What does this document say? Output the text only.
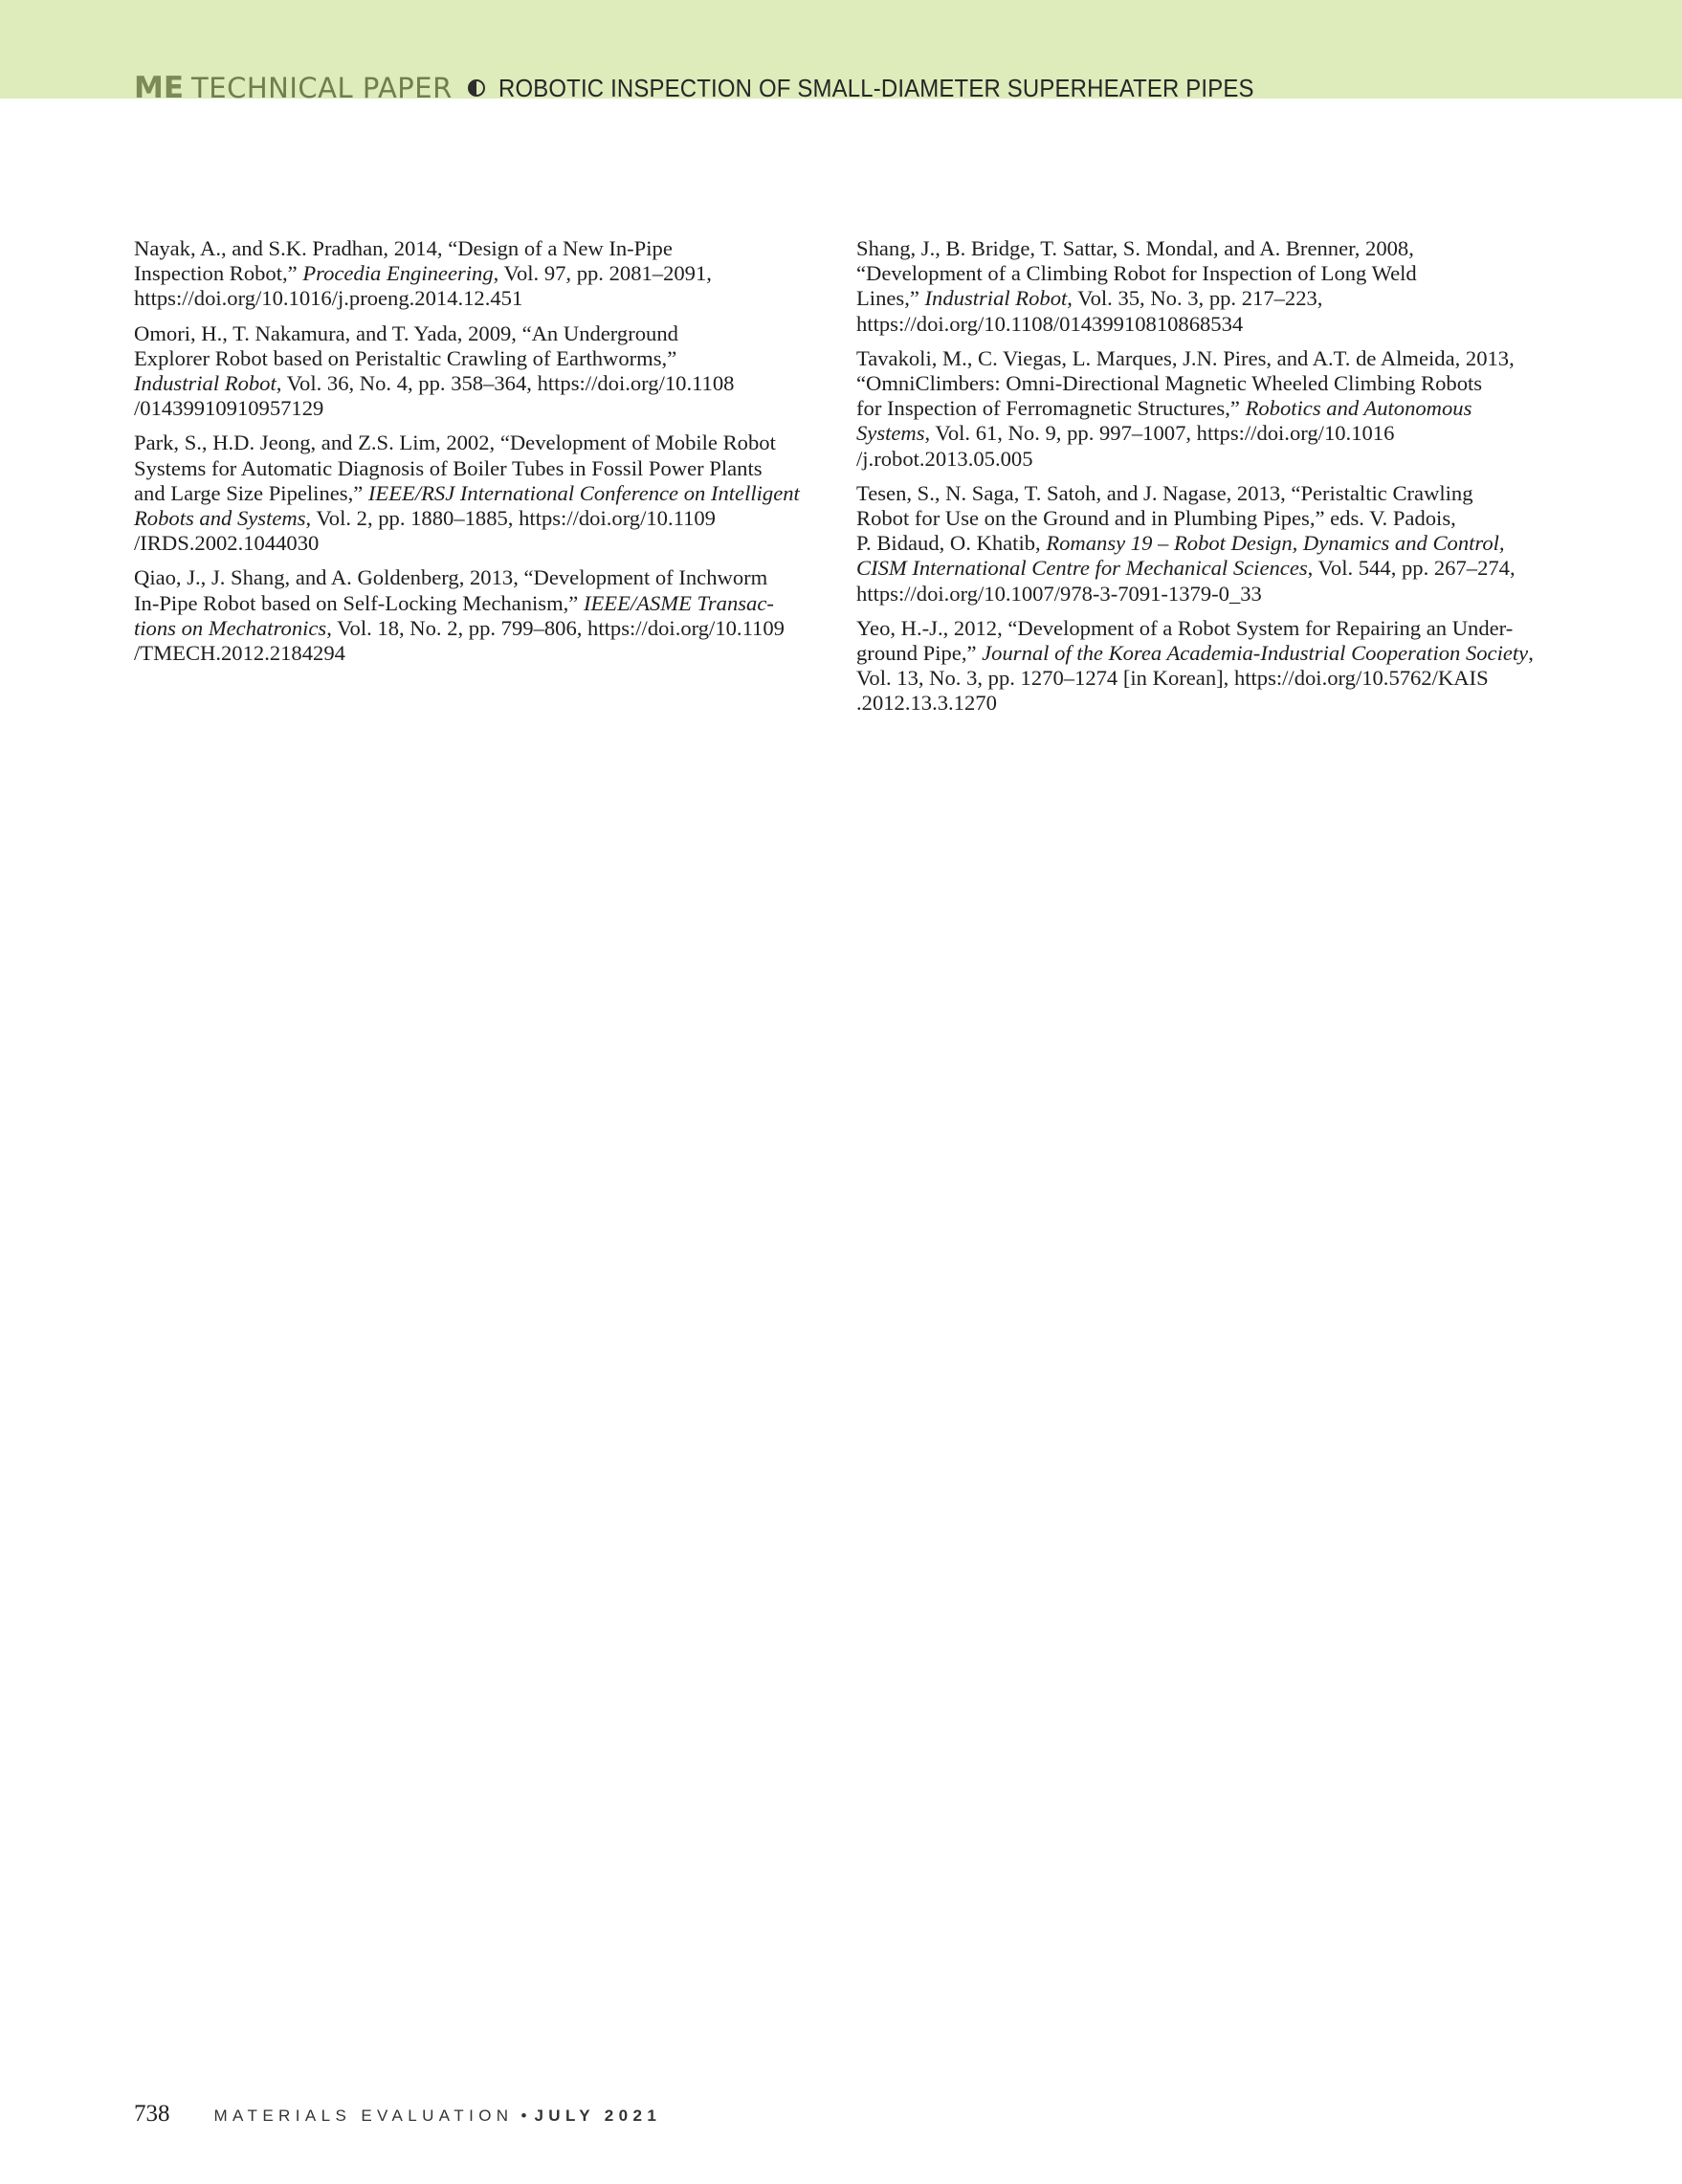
ME TECHNICAL PAPER ROBOTIC INSPECTION OF SMALL-DIAMETER SUPERHEATER PIPES
Nayak, A., and S.K. Pradhan, 2014, “Design of a New In-Pipe
Inspection Robot,” Procedia Engineering, Vol. 97, pp. 2081–2091,
https://doi.org/10.1016/j.proeng.2014.12.451
Omori, H., T. Nakamura, and T. Yada, 2009, “An Underground
Explorer Robot based on Peristaltic Crawling of Earthworms,”
Industrial Robot, Vol. 36, No. 4, pp. 358–364, https://doi.org/10.1108
/01439910910957129
Park, S., H.D. Jeong, and Z.S. Lim, 2002, “Development of Mobile Robot
Systems for Automatic Diagnosis of Boiler Tubes in Fossil Power Plants
and Large Size Pipelines,” IEEE/RSJ International Conference on Intelligent
Robots and Systems, Vol. 2, pp. 1880–1885, https://doi.org/10.1109
/IRDS.2002.1044030
Qiao, J., J. Shang, and A. Goldenberg, 2013, “Development of Inchworm
In-Pipe Robot based on Self-Locking Mechanism,” IEEE/ASME Transac-
tions on Mechatronics, Vol. 18, No. 2, pp. 799–806, https://doi.org/10.1109
/TMECH.2012.2184294
Shang, J., B. Bridge, T. Sattar, S. Mondal, and A. Brenner, 2008,
“Development of a Climbing Robot for Inspection of Long Weld
Lines,” Industrial Robot, Vol. 35, No. 3, pp. 217–223,
https://doi.org/10.1108/01439910810868534
Tavakoli, M., C. Viegas, L. Marques, J.N. Pires, and A.T. de Almeida, 2013,
“OmniClimbers: Omni-Directional Magnetic Wheeled Climbing Robots
for Inspection of Ferromagnetic Structures,” Robotics and Autonomous
Systems, Vol. 61, No. 9, pp. 997–1007, https://doi.org/10.1016
/j.robot.2013.05.005
Tesen, S., N. Saga, T. Satoh, and J. Nagase, 2013, “Peristaltic Crawling
Robot for Use on the Ground and in Plumbing Pipes,” eds. V. Padois,
P. Bidaud, O. Khatib, Romansy 19 – Robot Design, Dynamics and Control,
CISM International Centre for Mechanical Sciences, Vol. 544, pp. 267–274,
https://doi.org/10.1007/978-3-7091-1379-0_33
Yeo, H.-J., 2012, “Development of a Robot System for Repairing an Under-
ground Pipe,” Journal of the Korea Academia-Industrial Cooperation Society,
Vol. 13, No. 3, pp. 1270–1274 [in Korean], https://doi.org/10.5762/KAIS
.2012.13.3.1270
738	MATERIALS EVALUATION • JULY 2021
